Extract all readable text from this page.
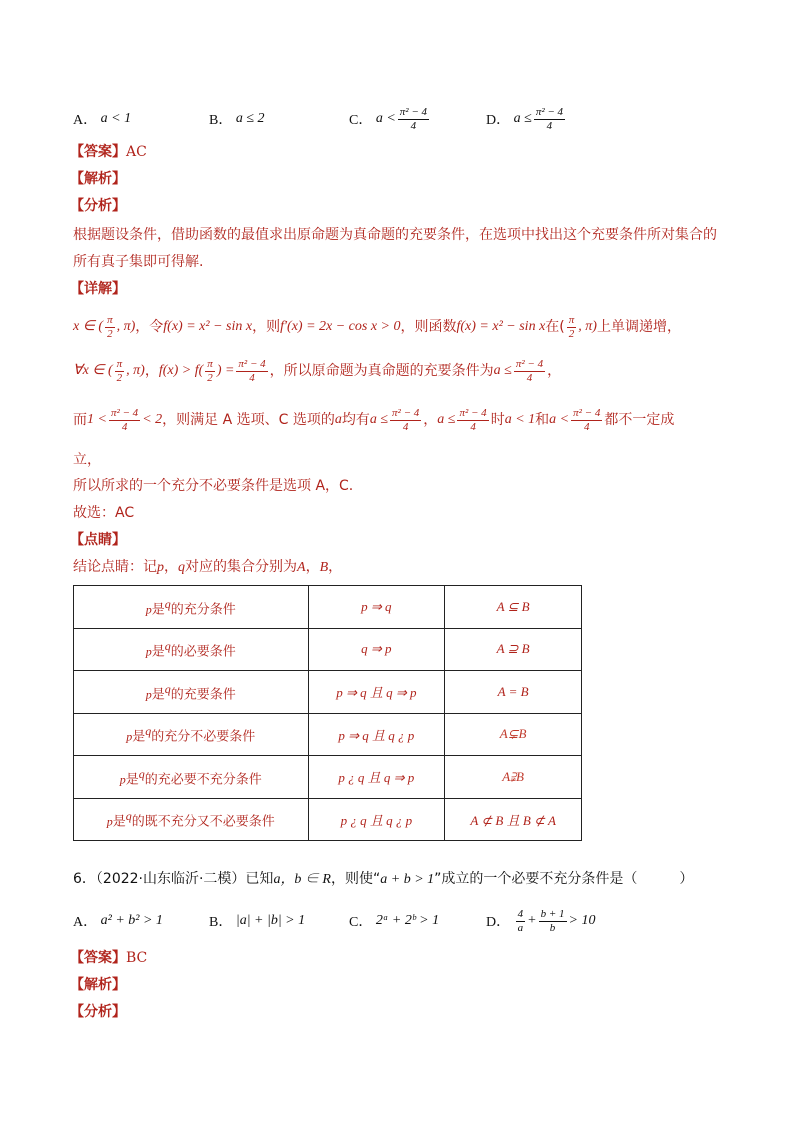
A．
a < 1	B．
a ≤ 2	C．
$a < \frac{\text{π² − 4}}{4}$	D．
$a \le \frac{\text{π² − 4}}{4}$
【答案】AC
【解析】
【分析】
根据题设条件，借助函数的最值求出原命题为真命题的充要条件，在选项中找出这个充要条件所对集合的
所有真子集即可得解.
【详解】
x ∈ ( $\frac{\pi}{2}$ , π) ，令 f(x) = x² − sin x ，则 f′(x) = 2x − cos x > 0 ，则函数 f(x) = x² − sin x 在( $\frac{\pi}{2}$ , π) 上单调递增，
∀x ∈ ( $\frac{\pi}{2}$ , π) ， $f(x) > f( \frac{\pi}{2}$ ) = $\frac{\text{π² − 4}}{4}$ ，所以原命题为真命题的充要条件为 $a \le \frac{\text{π² − 4}}{4}$ ，
而 $1 < \frac{\text{π² − 4}}{4} < 2$ ，则满足 A 选项、C 选项的 a 均有 $a \le \frac{\text{π² − 4}}{4}$ ， $a \le \frac{\text{π² − 4}}{4}$ 时 a < 1 和 $a < \frac{\text{π² − 4}}{4}$ 都不一定成
立，
所以所求的一个充分不必要条件是选项 A，C.
故选：AC
【点睛】
结论点睛：记p，q对应的集合分别为A，B，
p是$^q$的充分条件	p ⇒ q	A ⊆ B
p是$^q$的必要条件	q ⇒ p	A ⊇ B
p是$^q$的充要条件	p ⇒ q 且 q ⇒ p	A = B
p是$^q$的充分不必要条件	p ⇒ q 且 q ¿ p	A⊊B
p是$^q$的充必要不充分条件	p ¿ q 且 q ⇒ p	A⫌B
p是$^q$的既不充分又不必要条件	p ¿ q 且 q ¿ p	A ⊄ B 且 B ⊄ A
6．（2022·山东临沂·二模）已知a，b ∈ R，则使“a + b > 1”成立的一个必要不充分条件是（　　　）
A．
a² + b² > 1	B．
|a| + |b| > 1	C．
2ᵃ + 2ᵇ > 1	D．
$\frac{4}{a} + \frac{b + 1}{b} > 10$
【答案】BC
【解析】
【分析】
